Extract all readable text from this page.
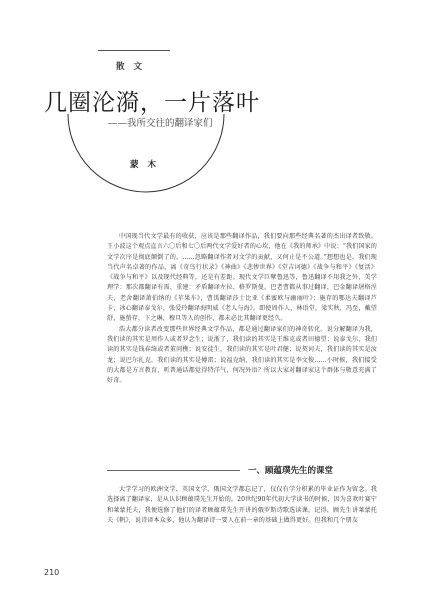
散 文
几圈沦漪，一片落叶
——我所交往的翻译家们
蒙 木

中国现当代文学最有的收获，应该是那些翻译作品，我们要向那些经典名著的杰出译者致敬。王小波这个观点直言六〇后和七〇后两代文学爱好者的心坎，他在《我的师承》中说：“我们国家的文学次序是彻底颠倒了的。……忽略翻译作者对文学的贡献，又何止是不公道。”想想也是，我们现当代声名卓著的作品，离《奇鸟行状录》《神曲》《悲惨世界》《堂吉诃德》《战争与和平》《复活》《战争与和平》以及现代经典等，还是有差距。现代文学巨擘鲁迅等，鲁迅翻译不用我之外，美学理学：那次都翻译有需、重建：矛盾翻译左拉、格罗斯曼。巴老曹都从事过翻译，巴金翻译屠格涅夫，老舍翻译萧伯纳的《苹果车》，曹禺翻译莎士比亚《柔蜜欧与幽丽叶》；施存的鄂达夫翻译芦卡，冰心翻译泰戈尔，张爱玲翻译海明威《老人与海》。即使周作人，林语堂，梁实秋，冯至，戴望舒，施蛰存，卞之琳，穆旦等人的创作，都未必比其翻译更经久。

浩大都分读者改变那些世界经典文学作品，都是通过翻译家们的神奇转化。说分解翻译为我，我们读的其实是周作人或者罗念生；说浙了，我们读的其实是王维克或者田德望；说泰戈尔，我们读的其实是钱春绮或者董问樵；说安徒生，我们读的其实是叶君健；说契诃夫，我们读的其实是汝龙；说巴尔扎克，我们读的其实是傅雷；说福克纳，我们读的其实是李文俊……小时候，我们接受的大都是方言教育，听普通话都觉得特洋气，何况外语？所以大家对翻译家这个群体与敬意充满了好奇。

一、顾蕴璞先生的课堂

大学学习的欧洲文学、英国文学、俄国文学都忘记了，仅仅有学分积累的毕业证作为留念。我选择离了翻译家，是从认识顾蕴璞先生开始的。20世纪90年代初大学读书的时候，因为喜欢叶赛宁和莱蒙托夫，我便选修了他们的译者顾蕴璞先生开讲的俄罗斯诗歌选读课。记得，顾先生讲莱蒙托夫《帆》，说诗译本众多，他认为翻译诗一要人在前一章的基础上做得更好。但我和几个朋友

210
